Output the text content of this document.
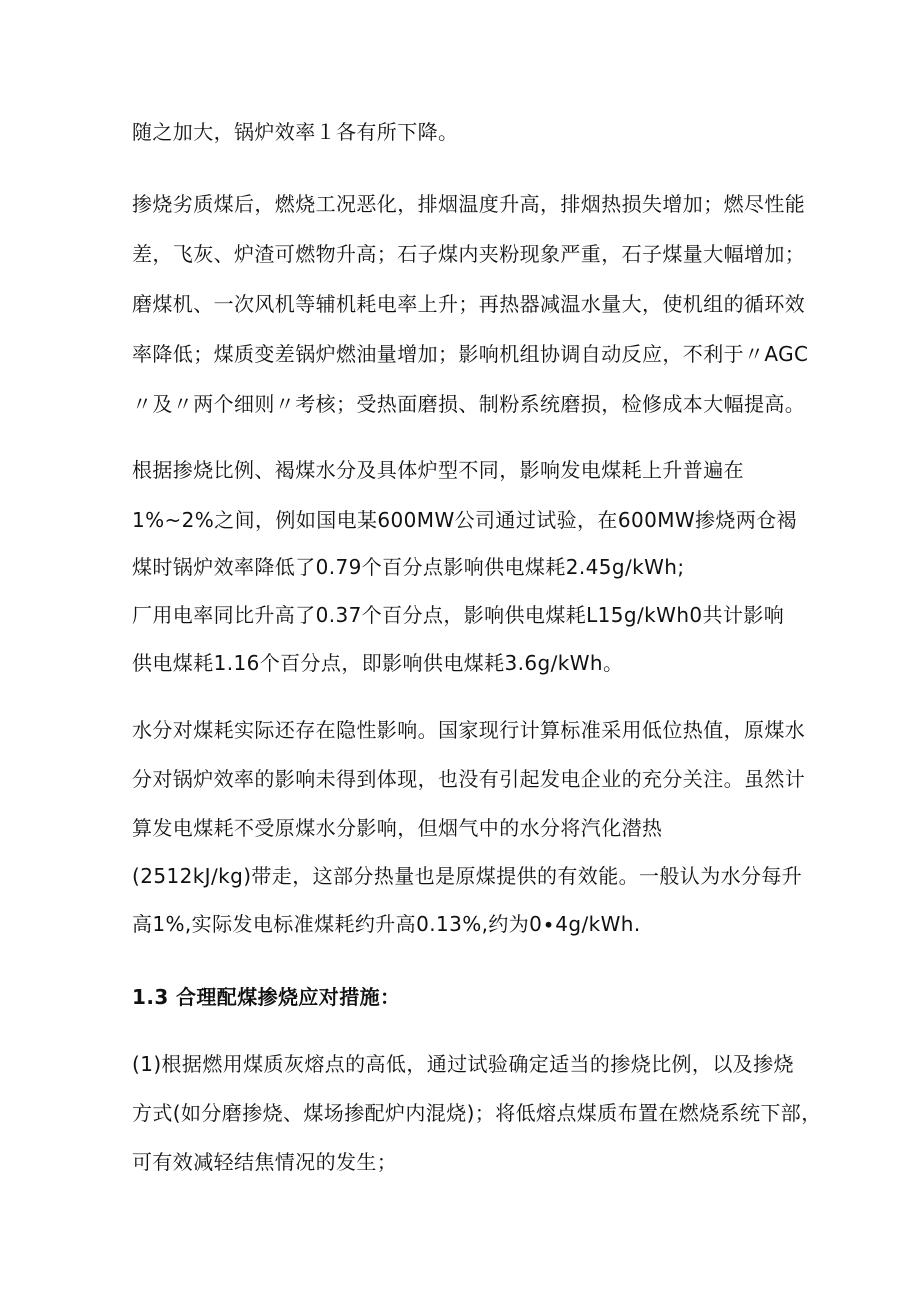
随之加大，锅炉效率１各有所下降。
掺烧劣质煤后，燃烧工况恶化，排烟温度升高，排烟热损失增加；燃尽性能
差，飞灰、炉渣可燃物升高；石子煤内夹粉现象严重，石子煤量大幅增加；
磨煤机、一次风机等辅机耗电率上升；再热器减温水量大，使机组的循环效
率降低；煤质变差锅炉燃油量增加；影响机组协调自动反应，不利于〃AGC
〃及〃两个细则〃考核；受热面磨损、制粉系统磨损，检修成本大幅提高。
根据掺烧比例、褐煤水分及具体炉型不同，影响发电煤耗上升普遍在
1%~2%之间，例如国电某600MW公司通过试验，在600MW掺烧两仓褐
煤时锅炉效率降低了0.79个百分点影响供电煤耗2.45g∕kWh;
厂用电率同比升高了0.37个百分点，影响供电煤耗L15g∕kWh0共计影响
供电煤耗1.16个百分点，即影响供电煤耗3.6g∕kWh。
水分对煤耗实际还存在隐性影响。国家现行计算标准采用低位热值，原煤水
分对锅炉效率的影响未得到体现，也没有引起发电企业的充分关注。虽然计
算发电煤耗不受原煤水分影响，但烟气中的水分将汽化潜热
(2512kJ∕kg)带走，这部分热量也是原煤提供的有效能。一般认为水分每升
高1%,实际发电标准煤耗约升高0.13%,约为0∙4g∕kWh.
1.3 合理配煤掺烧应对措施：
(1)根据燃用煤质灰熔点的高低，通过试验确定适当的掺烧比例，以及掺烧
方式(如分磨掺烧、煤场掺配炉内混烧)；将低熔点煤质布置在燃烧系统下部，
可有效减轻结焦情况的发生；
